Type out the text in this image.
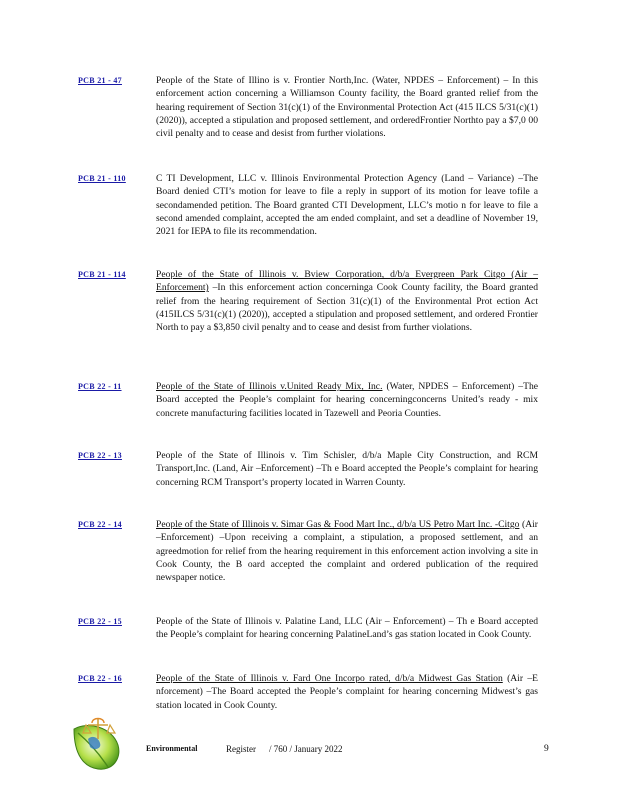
PCB 21 - 47	People of the State of Illino is v. Frontier North,Inc. (Water, NPDES – Enforcement) – In this enforcement action concerning a Williamson County facility, the Board granted relief from the hearing requirement of Section 31(c)(1) of the Environmental Protection Act (415 ILCS 5/31(c)(1) (2020)), accepted a stipulation and proposed settlement, and orderedFrontier Northto pay a $7,0 00 civil penalty and to cease and desist from further violations.
PCB 21 - 110	C TI Development, LLC v. Illinois Environmental Protection Agency (Land – Variance) –The Board denied CTI’s motion for leave to file a reply in support of its motion for leave tofile a secondamended petition. The Board granted CTI Development, LLC’s motio n for leave to file a second amended complaint, accepted the am ended complaint, and set a deadline of November 19, 2021 for IEPA to file its recommendation.
PCB 21 - 114	People of the State of Illinois v. Bview Corporation, d/b/a Evergreen Park Citgo (Air – Enforcement) –In this enforcement action concerninga Cook County facility, the Board granted relief from the hearing requirement of Section 31(c)(1) of the Environmental Prot ection Act (415ILCS 5/31(c)(1) (2020)), accepted a stipulation and proposed settlement, and ordered Frontier North to pay a $3,850 civil penalty and to cease and desist from further violations.
PCB 22 - 11	People of the State of Illinois v.United Ready Mix, Inc. (Water, NPDES – Enforcement) –The Board accepted the People’s complaint for hearing concerningconcerns United’s ready - mix concrete manufacturing facilities located in Tazewell and Peoria Counties.
PCB 22 - 13	People of the State of Illinois v. Tim Schisler, d/b/a Maple City Construction, and RCM Transport,Inc. (Land, Air –Enforcement) –Th e Board accepted the People’s complaint for hearing concerning RCM Transport’s property located in Warren County.
PCB 22 - 14	People of the State of Illinois v. Simar Gas & Food Mart Inc., d/b/a US Petro Mart Inc. -Citgo (Air –Enforcement) –Upon receiving a complaint, a stipulation, a proposed settlement, and an agreedmotion for relief from the hearing requirement in this enforcement action involving a site in Cook County, the B oard accepted the complaint and ordered publication of the required newspaper notice.
PCB 22 - 15	People of the State of Illinois v. Palatine Land, LLC (Air – Enforcement) – Th e Board accepted the People’s complaint for hearing concerning PalatineLand’s gas station located in Cook County.
PCB 22 - 16	People of the State of Illinois v. Fard One Incorpo rated, d/b/a Midwest Gas Station (Air –E nforcement) –The Board accepted the People’s complaint for hearing concerning Midwest’s gas station located in Cook County.
Environmental	Register / 760 / January 2022	9
